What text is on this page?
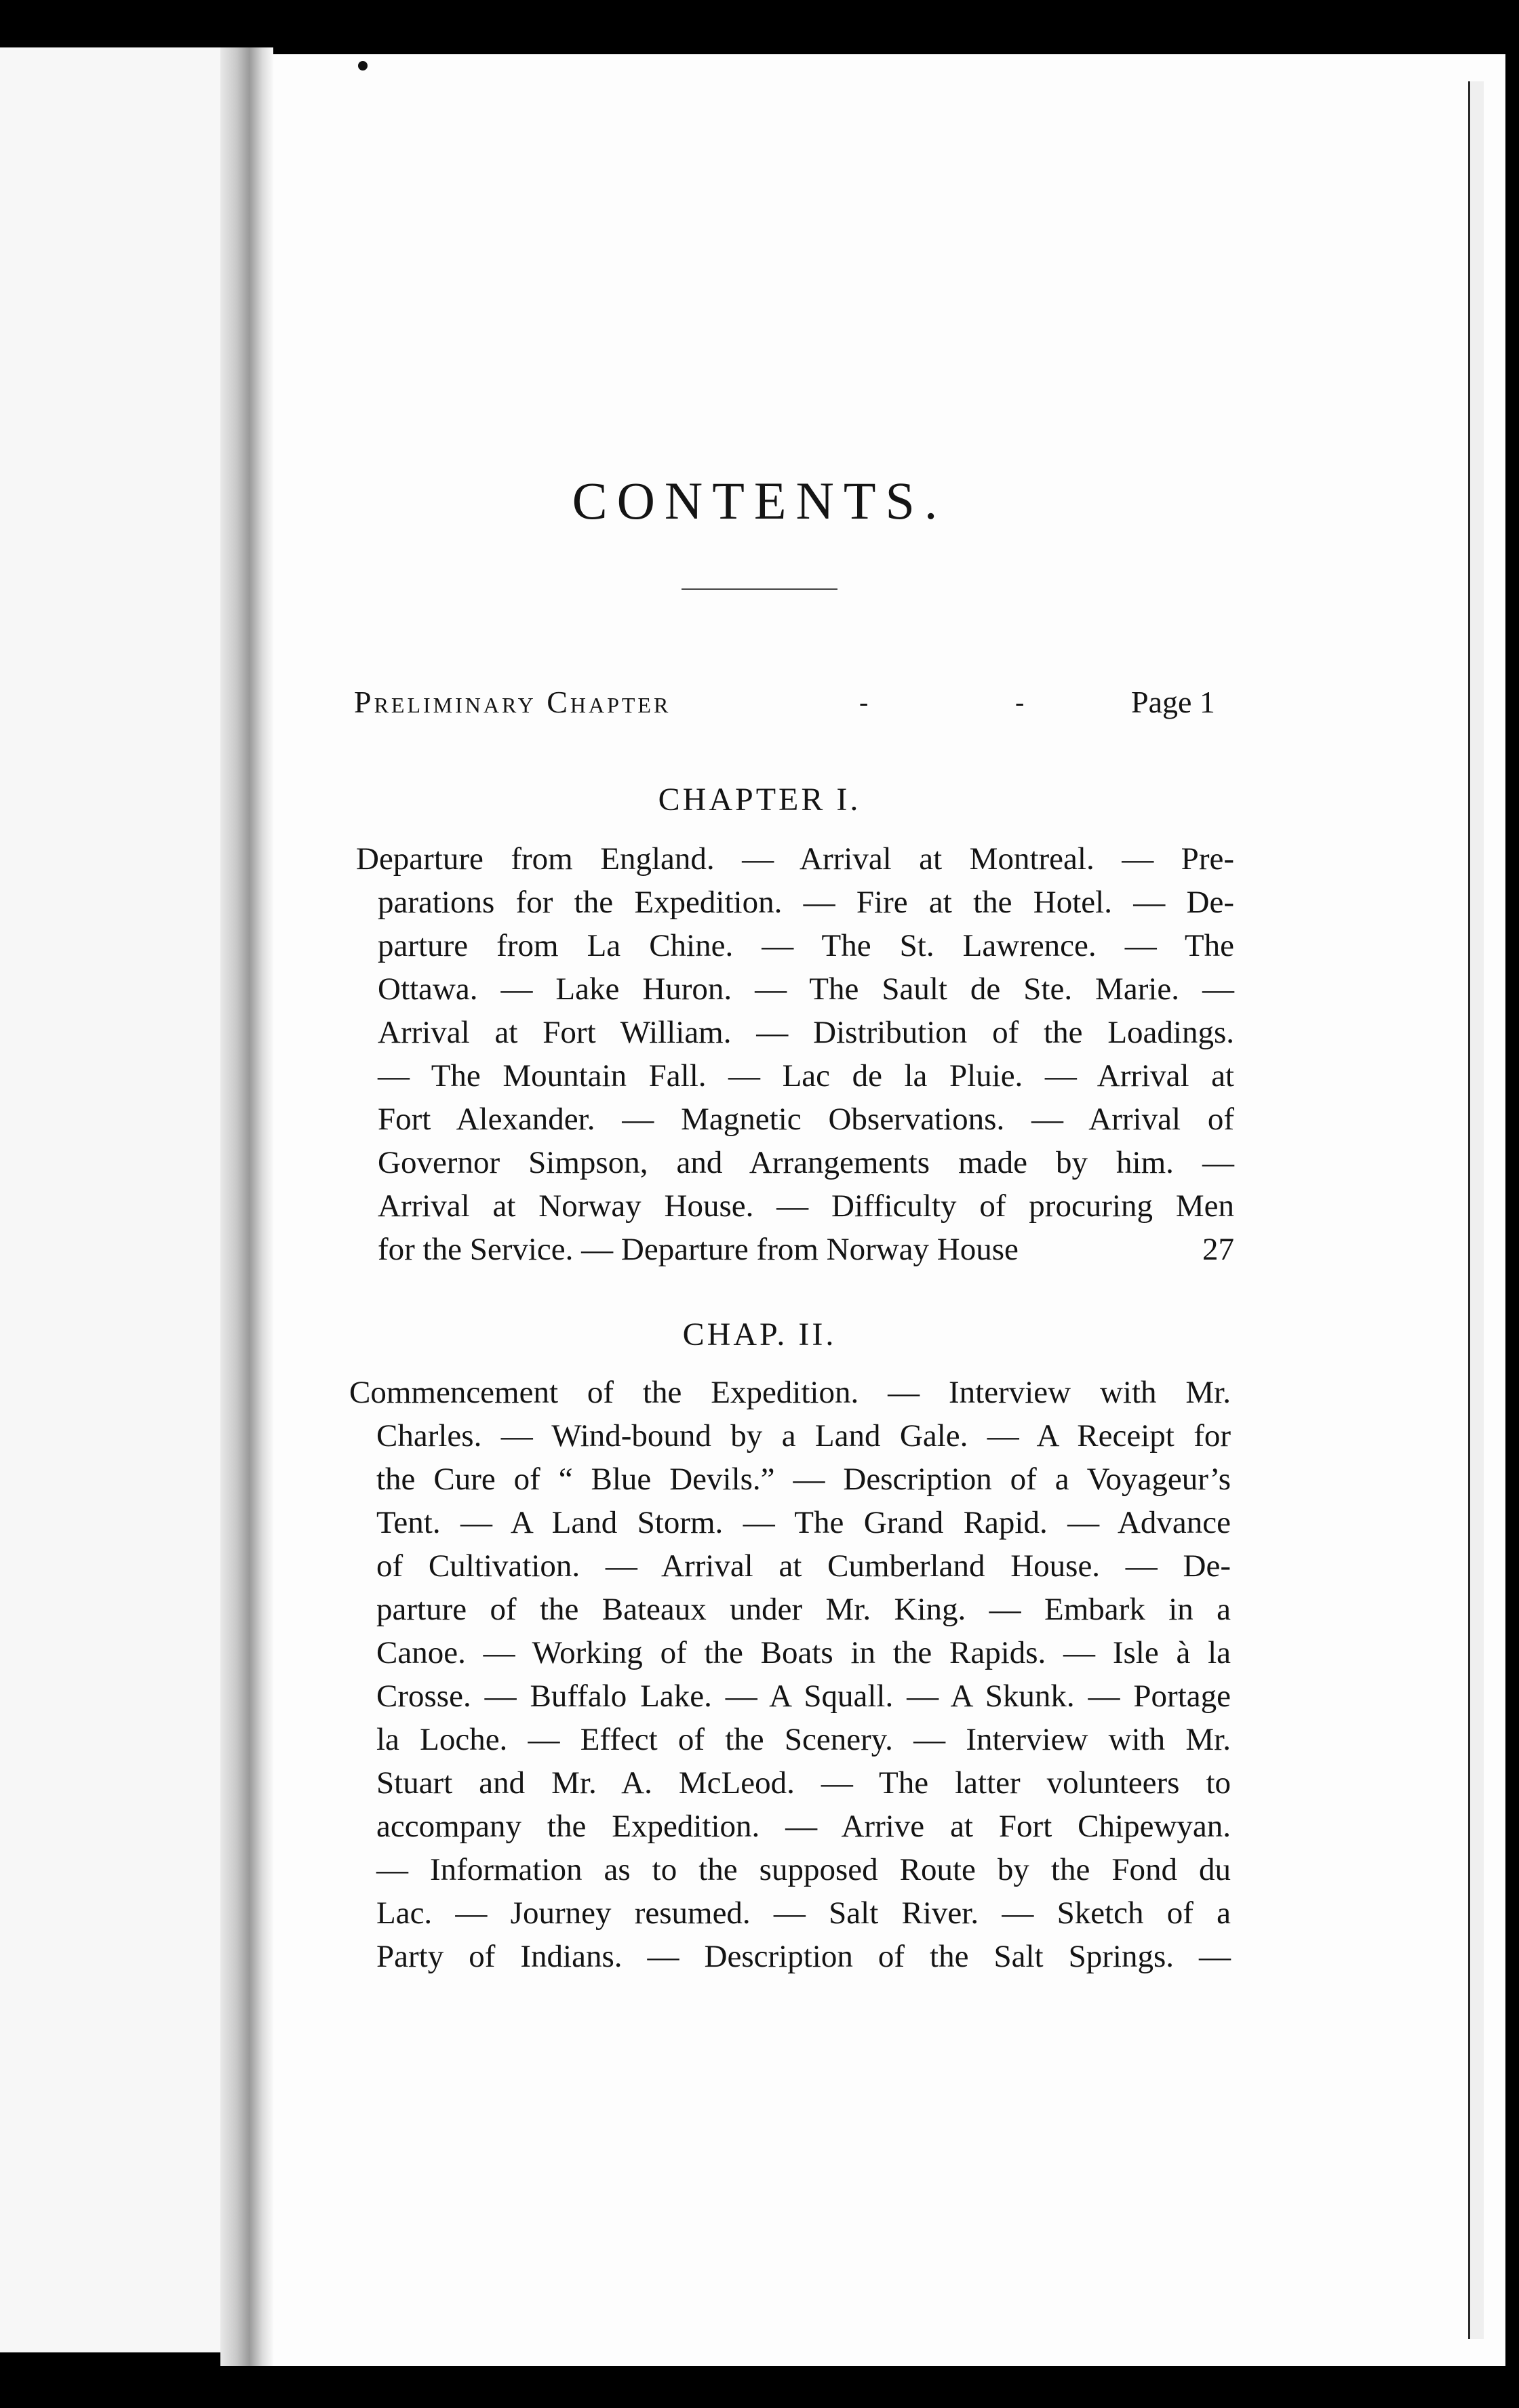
CONTENTS.
Preliminary Chapter	-	-	Page 1
CHAPTER I.
Departure from England. — Arrival at Montreal. — Pre-
parations for the Expedition. — Fire at the Hotel. — De-
parture from La Chine. — The St. Lawrence. — The
Ottawa. — Lake Huron. — The Sault de Ste. Marie. —
Arrival at Fort William. — Distribution of the Loadings.
— The Mountain Fall. — Lac de la Pluie. — Arrival at
Fort Alexander. — Magnetic Observations. — Arrival of
Governor Simpson, and Arrangements made by him. —
Arrival at Norway House. — Difficulty of procuring Men
for the Service. — Departure from Norway House	27
CHAP. II.
Commencement of the Expedition. — Interview with Mr.
Charles. — Wind-bound by a Land Gale. — A Receipt for
the Cure of “ Blue Devils.” — Description of a Voyageur’s
Tent. — A Land Storm. — The Grand Rapid. — Advance
of Cultivation. — Arrival at Cumberland House. — De-
parture of the Bateaux under Mr. King. — Embark in a
Canoe. — Working of the Boats in the Rapids. — Isle à la
Crosse. — Buffalo Lake. — A Squall. — A Skunk. — Portage
la Loche. — Effect of the Scenery. — Interview with Mr.
Stuart and Mr. A. McLeod. — The latter volunteers to
accompany the Expedition. — Arrive at Fort Chipewyan.
— Information as to the supposed Route by the Fond du
Lac. — Journey resumed. — Salt River. — Sketch of a
Party of Indians. — Description of the Salt Springs. —
